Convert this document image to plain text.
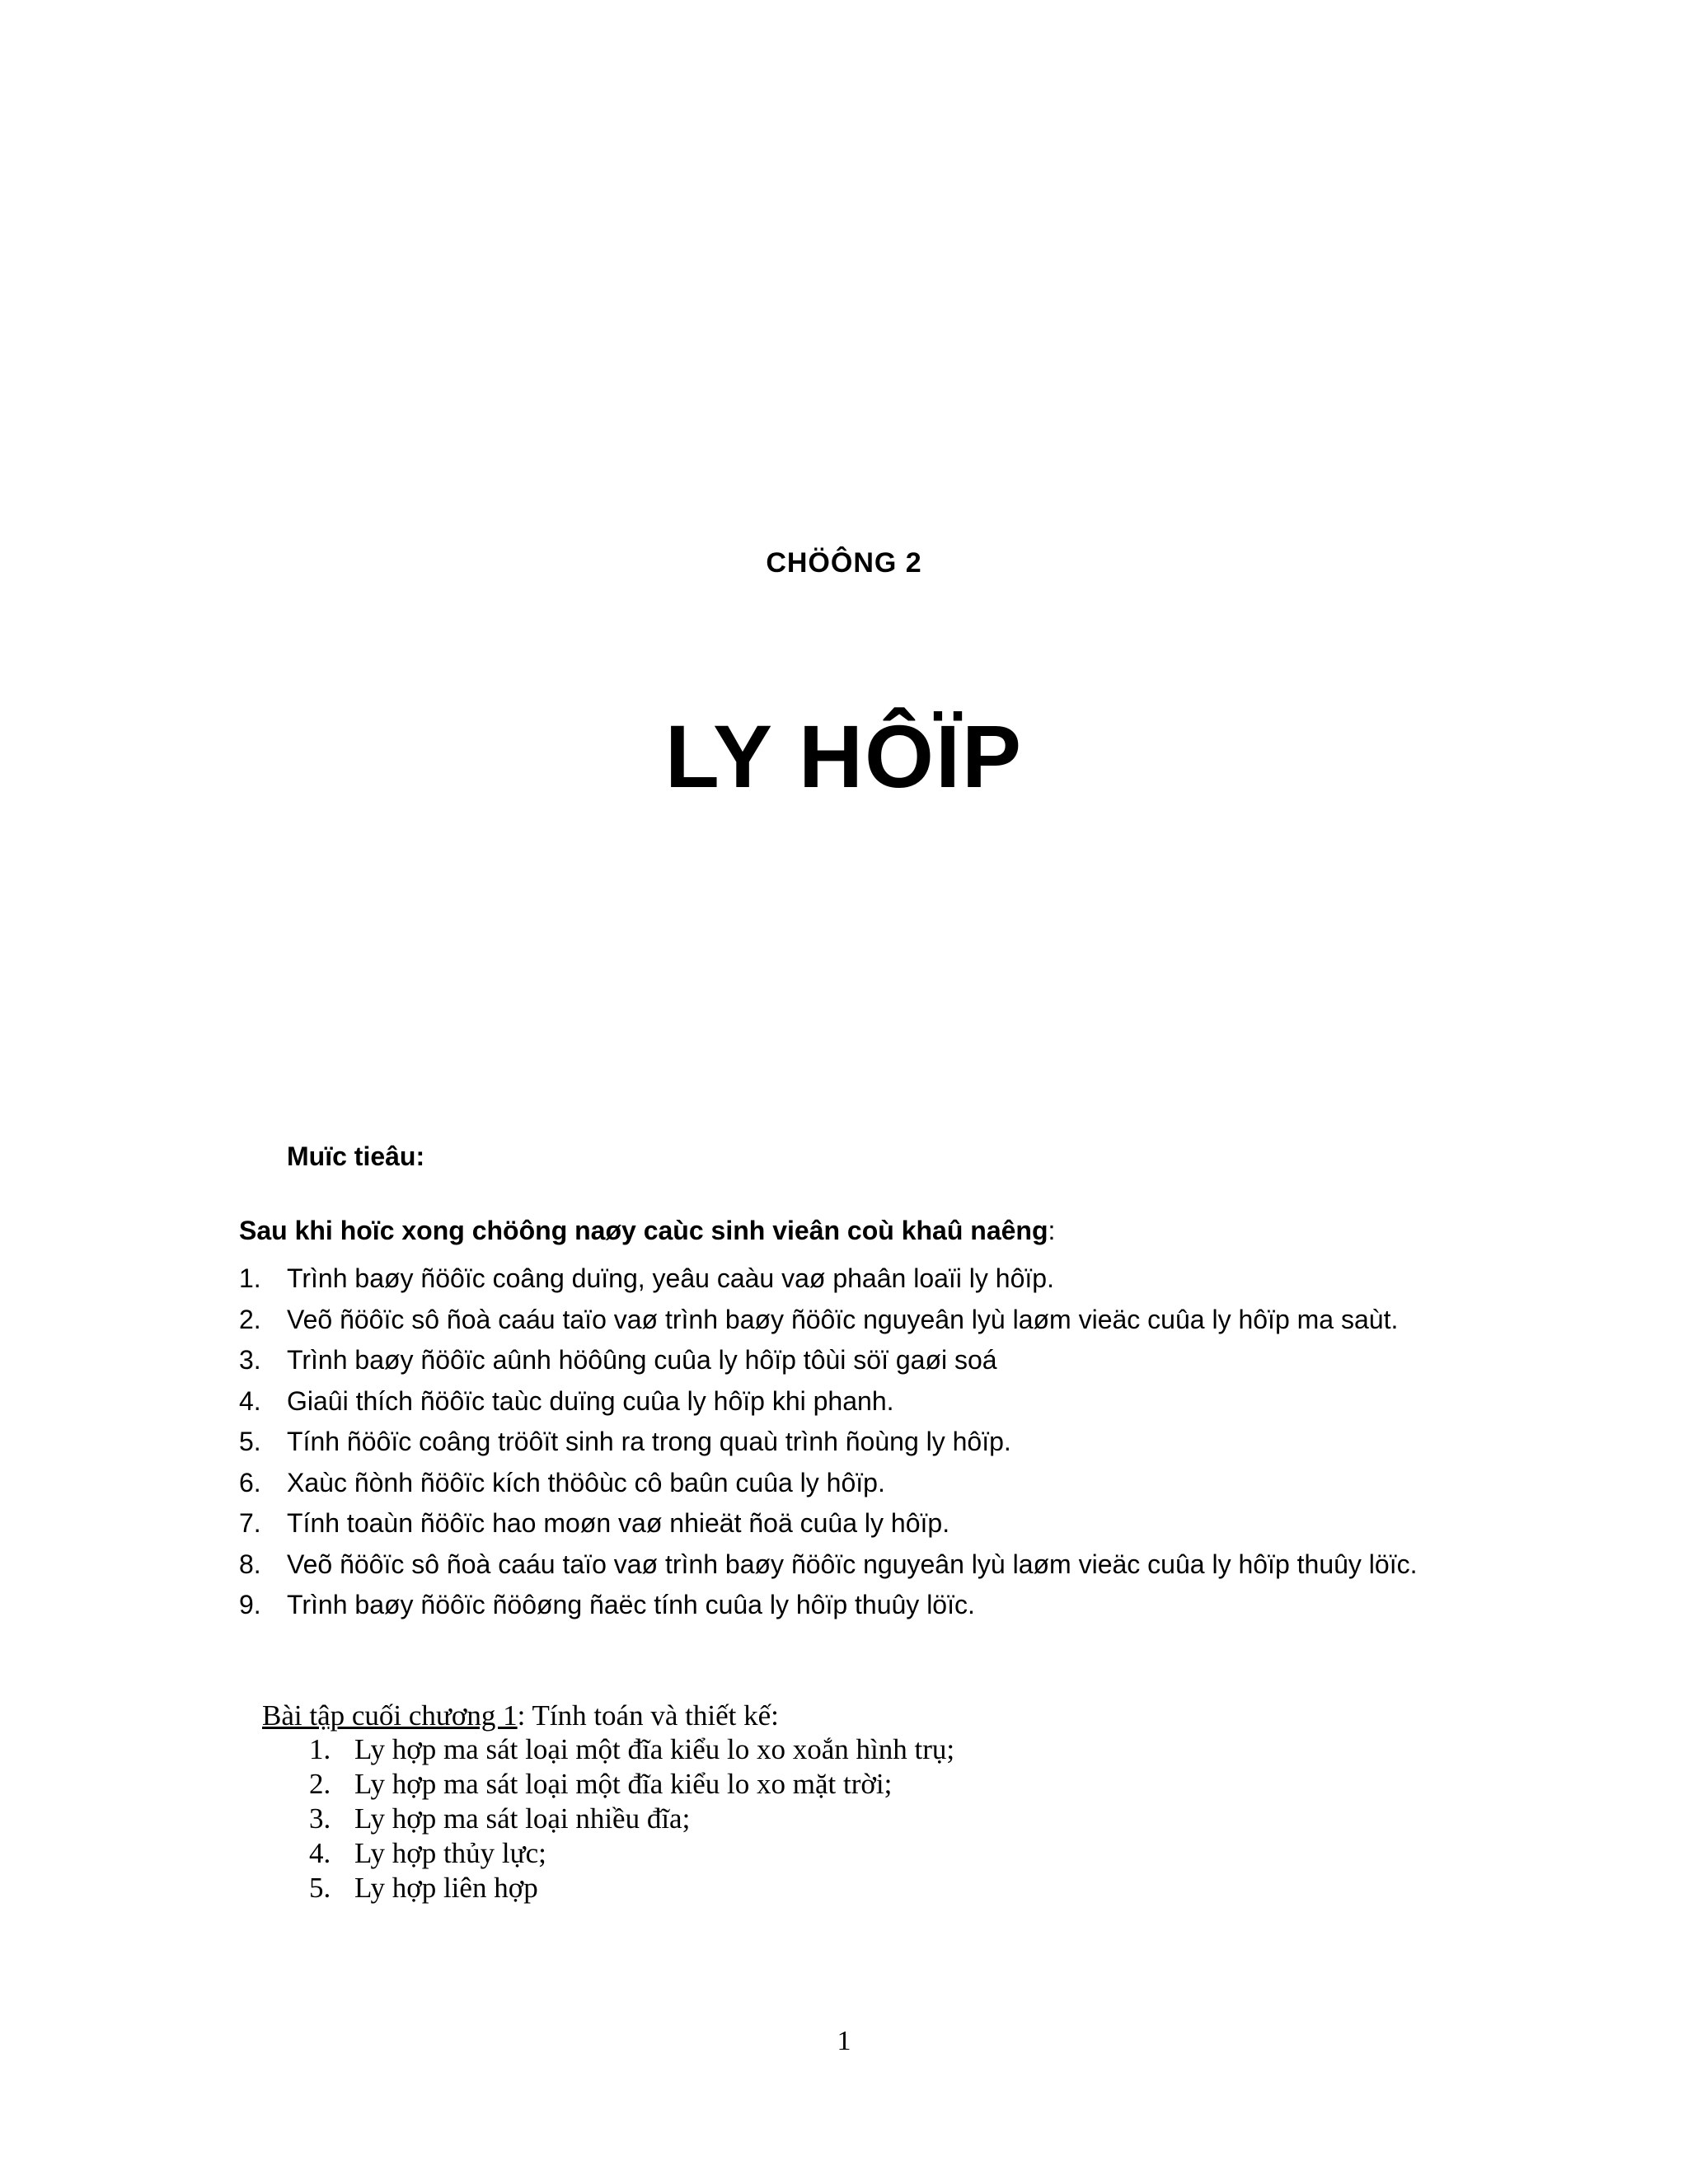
CHÖÔNG 2
LY HÔÏP
Muïc tieâu:
Sau khi hoïc xong chöông naøy caùc sinh vieân coù khaû naêng:
1. Trình baøy ñöôïc coâng duïng, yeâu caàu vaø phaân loaïi ly hôïp.
2. Veõ ñöôïc sô ñoà caáu taïo vaø trình baøy ñöôïc nguyeân lyù laøm vieäc cuûa ly hôïp ma saùt.
3. Trình baøy ñöôïc aûnh höôûng cuûa ly hôïp tôùi söï gaøi soá
4. Giaûi thích ñöôïc taùc duïng cuûa ly hôïp khi phanh.
5. Tính ñöôïc coâng tröôït sinh ra trong quaù trình ñoùng ly hôïp.
6. Xaùc ñònh ñöôïc kích thöôùc cô baûn cuûa ly hôïp.
7. Tính toaùn ñöôïc hao moøn vaø nhieät ñoä cuûa ly hôïp.
8. Veõ ñöôïc sô ñoà caáu taïo vaø trình baøy ñöôïc nguyeân lyù laøm vieäc cuûa ly hôïp thuûy löïc.
9. Trình baøy ñöôïc ñöôøng ñaëc tính cuûa ly hôïp thuûy löïc.
Bài tập cuối chương 1: Tính toán và thiết kế:
1. Ly hợp ma sát loại một đĩa kiểu lo xo xoắn hình trụ;
2. Ly hợp ma sát loại một đĩa kiểu lo xo mặt trời;
3. Ly hợp ma sát loại nhiều đĩa;
4. Ly hợp thủy lực;
5. Ly hợp liên hợp
1
